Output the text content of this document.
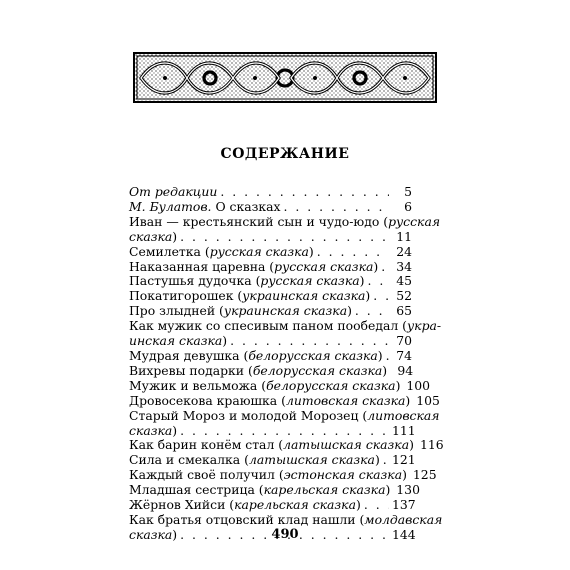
СОДЕРЖАНИЕ
От редакции . . .	5
М. Булатов. О сказках . . .	6
Иван — крестьянский сын и чудо-юдо (русская
сказка) . . .	11
Семилетка (русская сказка) . . .	24
Наказанная царевна (русская сказка) . . .	34
Пастушья дудочка (русская сказка) . . .	45
Покатигорошек (украинская сказка) . . .	52
Про злыдней (украинская сказка) . . .	65
Как мужик со спесивым паном пообедал (укра-
инская сказка) . . .	70
Мудрая девушка (белорусская сказка) . . .	74
Вихревы подарки (белорусская сказка) 94
Мужик и вельможа (белорусская сказка) 100
Дровосекова краюшка (литовская сказка) 105
Старый Мороз и молодой Морозец (литовская
сказка) . . .	111
Как барин конём стал (латышская сказка) 116
Сила и смекалка (латышская сказка) . . . 121
Каждый своё получил (эстонская сказка) 125
Младшая сестрица (карельская сказка) 130
Жёрнов Хийси (карельская сказка) . . .	137
Как братья отцовский клад нашли (молдавская
сказка) . . .	144
490
